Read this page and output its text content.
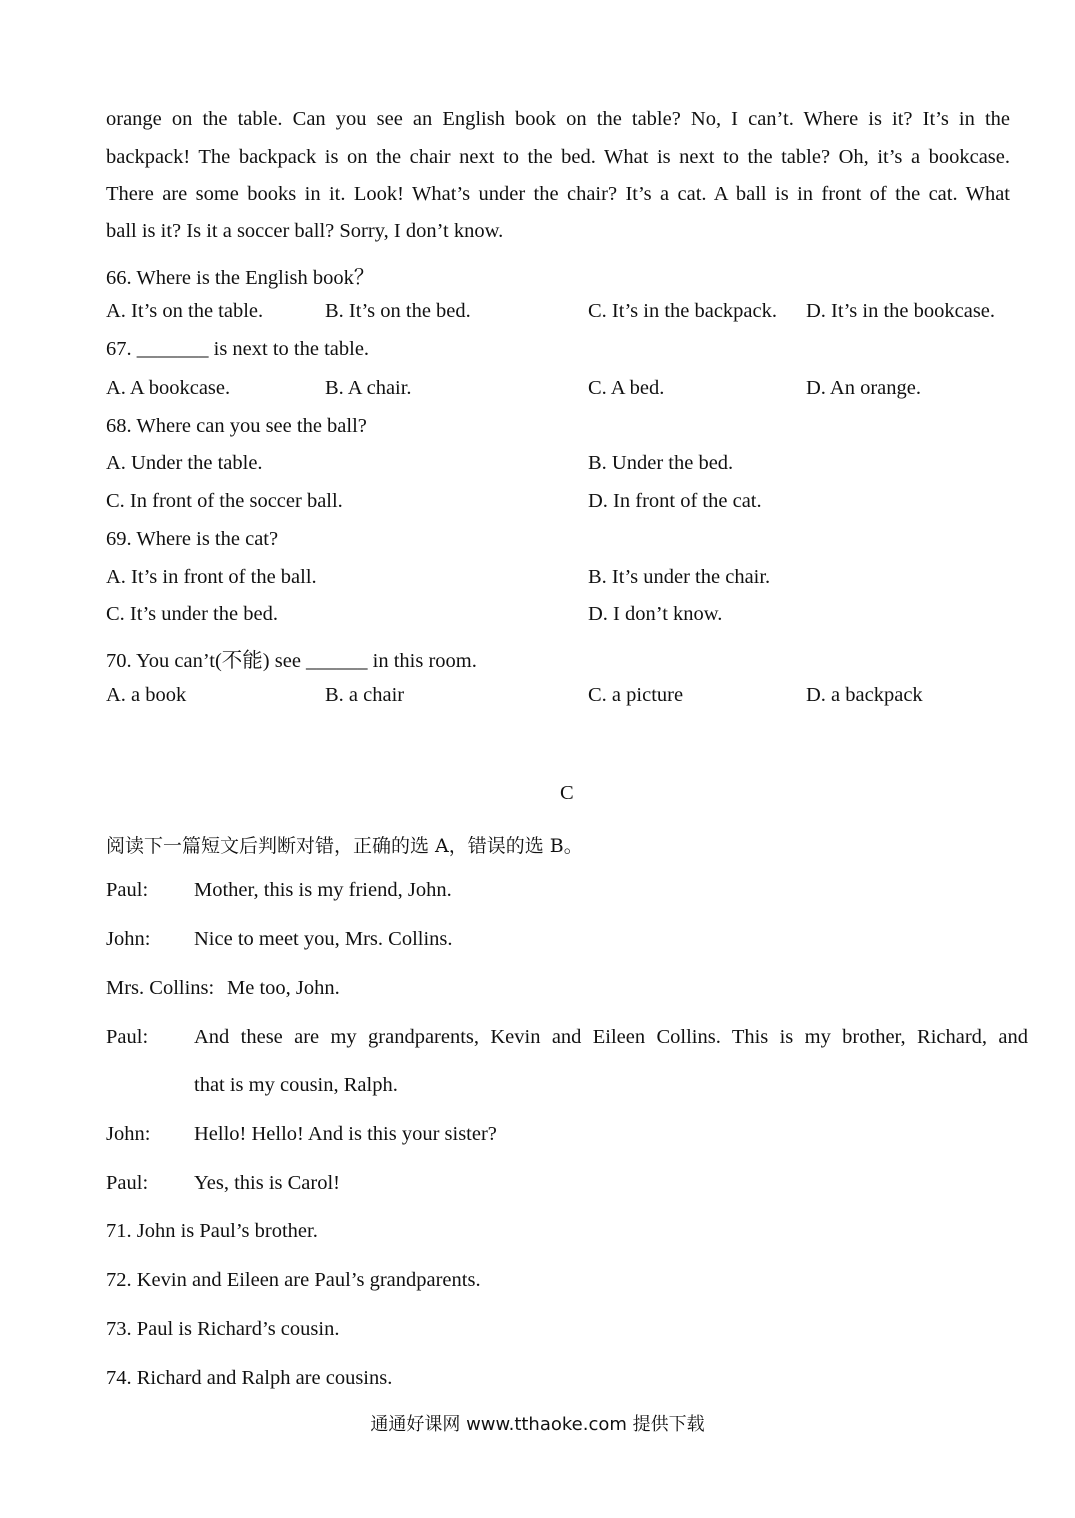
orange on the table. Can you see an English book on the table? No, I can’t. Where is it? It’s in the
backpack! The backpack is on the chair next to the bed. What is next to the table? Oh, it’s a bookcase.
There are some books in it. Look! What’s under the chair? It’s a cat. A ball is in front of the cat. What
ball is it? Is it a soccer ball? Sorry, I don’t know.
66. Where is the English book？
A. It’s on the table.	B. It’s on the bed.	C. It’s in the backpack. D. It’s in the bookcase.
67. _______ is next to the table.
A. A bookcase.	B. A chair.	C. A bed.	D. An orange.
68. Where can you see the ball?
A. Under the table.	B. Under the bed.
C. In front of the soccer ball.	D. In front of the cat.
69. Where is the cat?
A. It’s in front of the ball.	B. It’s under the chair.
C. It’s under the bed.	D. I don’t know.
70. You can’t(不能) see ______ in this room.
A. a book	B. a chair	C. a picture	D. a backpack
C
阅读下一篇短文后判断对错，正确的选 A，错误的选 B。
Paul: Mother, this is my friend, John.
John: Nice to meet you, Mrs. Collins.
Mrs. Collins: Me too, John.
Paul: And these are my grandparents, Kevin and Eileen Collins. This is my brother, Richard, and
that is my cousin, Ralph.
John: Hello! Hello! And is this your sister?
Paul: Yes, this is Carol!
71. John is Paul’s brother.
72. Kevin and Eileen are Paul’s grandparents.
73. Paul is Richard’s cousin.
74. Richard and Ralph are cousins.
通通好课网 www.tthaoke.com 提供下载
